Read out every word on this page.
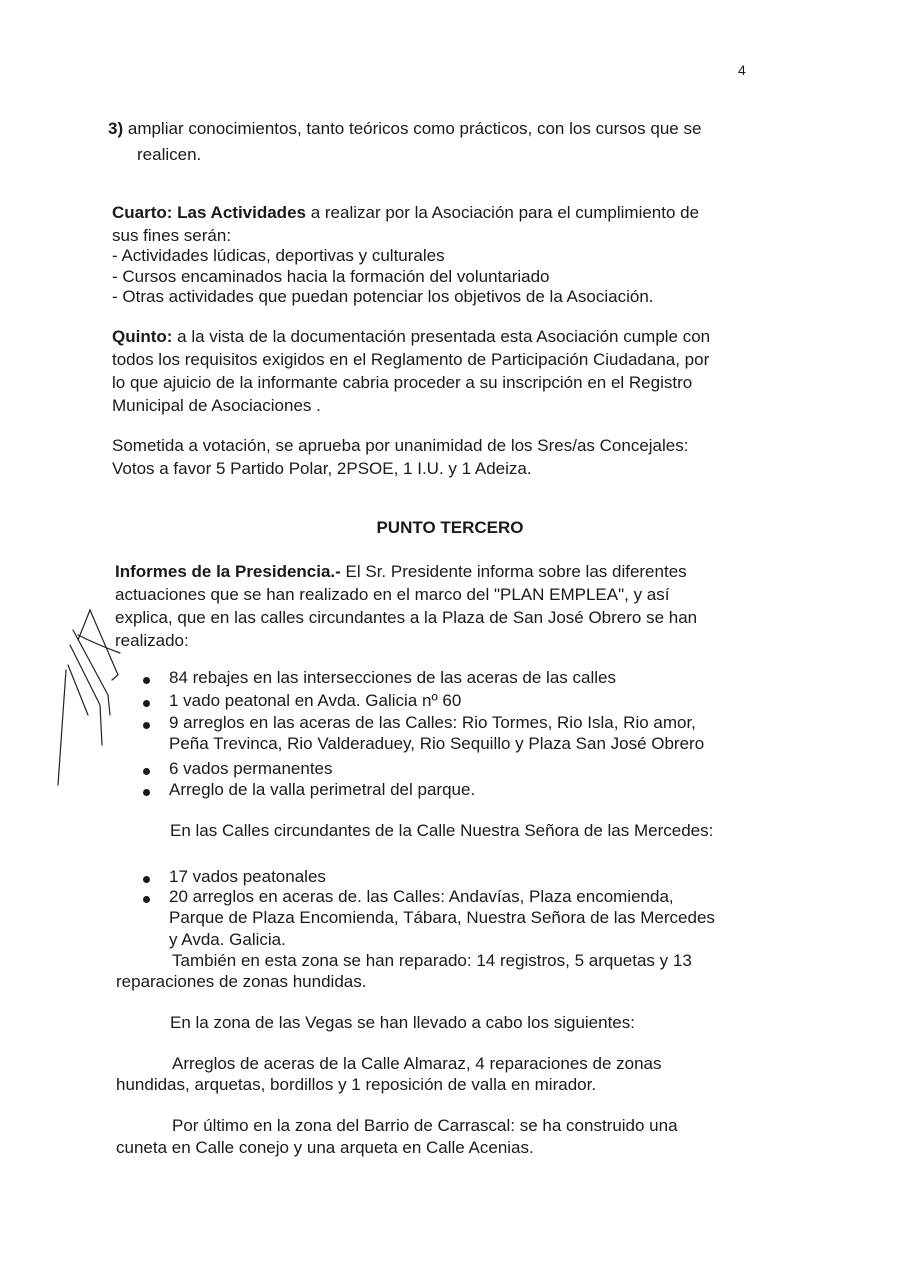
4
3) ampliar conocimientos, tanto teóricos como prácticos, con los cursos que se
realicen.
Cuarto: Las Actividades a realizar por la Asociación para el cumplimiento de
sus fines serán:
- Actividades lúdicas, deportivas y culturales
- Cursos encaminados hacia la formación del voluntariado
- Otras actividades que puedan potenciar los objetivos de la Asociación.
Quinto: a la vista de la documentación presentada esta Asociación cumple con
todos los requisitos exigidos en el Reglamento de Participación Ciudadana, por
lo que ajuicio de la informante cabria proceder a su inscripción en el Registro
Municipal de Asociaciones .
Sometida a votación, se aprueba por unanimidad de los Sres/as Concejales:
Votos a favor 5 Partido Polar, 2PSOE, 1 I.U. y 1 Adeiza.
PUNTO TERCERO
Informes de la Presidencia.- El Sr. Presidente informa sobre las diferentes
actuaciones que se han realizado en el marco del "PLAN EMPLEA", y así
explica, que en las calles circundantes a la Plaza de San José Obrero se han
realizado:
84 rebajes en las intersecciones de las aceras de las calles
1 vado peatonal en Avda. Galicia nº 60
9 arreglos en las aceras de las Calles: Rio Tormes, Rio Isla, Rio amor,
Peña Trevinca, Rio Valderaduey, Rio Sequillo y Plaza San José Obrero
6 vados permanentes
Arreglo de la valla perimetral del parque.
En las Calles circundantes de la Calle Nuestra Señora de las Mercedes:
17 vados peatonales
20 arreglos en aceras de. las Calles: Andavías, Plaza encomienda,
Parque de Plaza Encomienda, Tábara, Nuestra Señora de las Mercedes
y Avda. Galicia.
También en esta zona se han reparado: 14 registros, 5 arquetas y 13
reparaciones de zonas hundidas.
En la zona de las Vegas se han llevado a cabo los siguientes:
Arreglos de aceras de la Calle Almaraz, 4 reparaciones de zonas
hundidas, arquetas, bordillos y 1 reposición de valla en mirador.
Por último en la zona del Barrio de Carrascal: se ha construido una
cuneta en Calle conejo y una arqueta en Calle Acenias.
